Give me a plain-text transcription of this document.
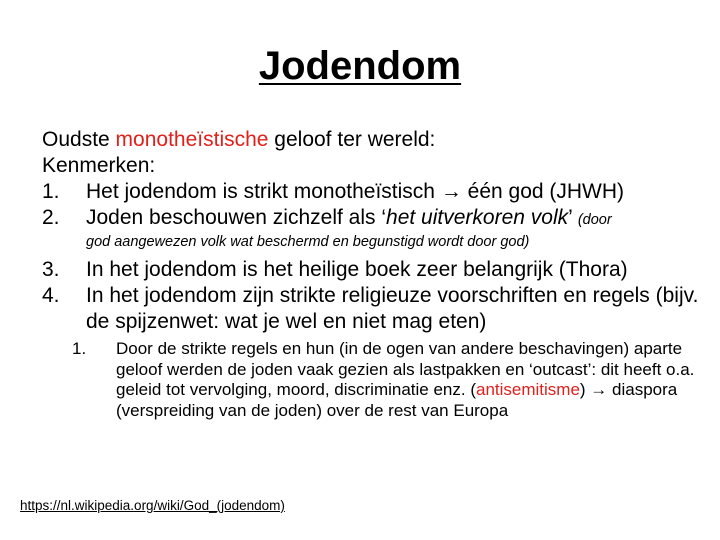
Jodendom
Oudste monotheïstische geloof ter wereld:
Kenmerken:
1.	Het jodendom is strikt monotheïstisch → één god (JHWH)
2.	Joden beschouwen zichzelf als ‘het uitverkoren volk’ (door
god aangewezen volk wat beschermd en begunstigd wordt door god)
3.	In het jodendom is het heilige boek zeer belangrijk (Thora)
4.	In het jodendom zijn strikte religieuze voorschriften en regels (bijv. de spijzenwet: wat je wel en niet mag eten)
1.	Door de strikte regels en hun (in de ogen van andere beschavingen) aparte geloof werden de joden vaak gezien als lastpakken en ‘outcast’: dit heeft o.a. geleid tot vervolging, moord, discriminatie enz. (antisemitisme) → diaspora (verspreiding van de joden) over de rest van Europa
https://nl.wikipedia.org/wiki/God_(jodendom)
